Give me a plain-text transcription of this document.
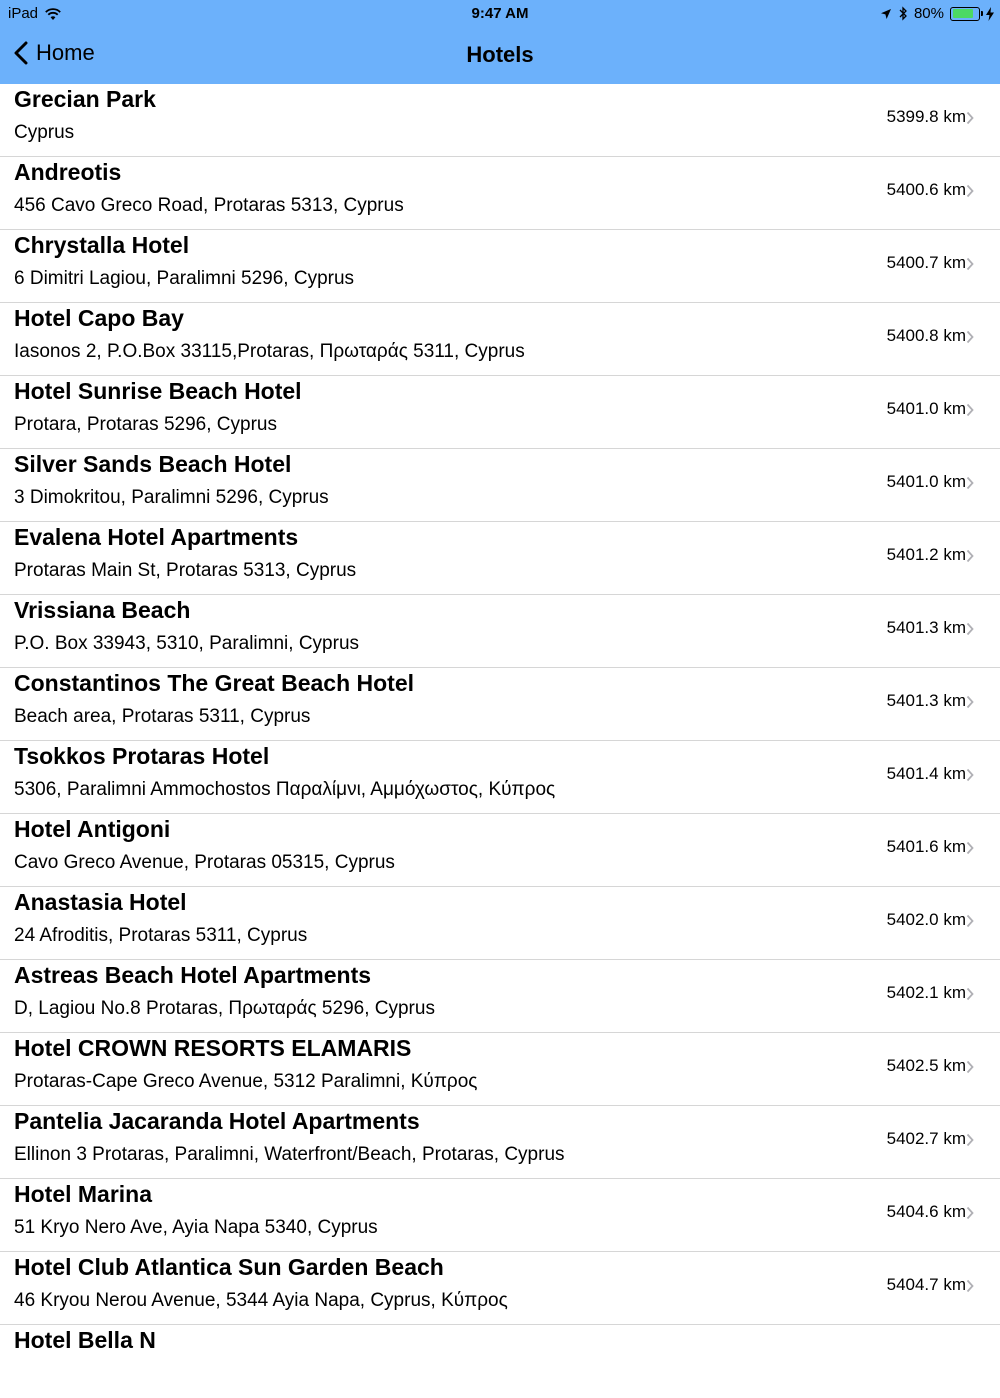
iPad	9:47 AM	80%
Home	Hotels
Grecian Park
Cyprus
5399.8 km
Andreotis
456 Cavo Greco Road, Protaras 5313, Cyprus
5400.6 km
Chrystalla Hotel
6 Dimitri Lagiou, Paralimni 5296, Cyprus
5400.7 km
Hotel Capo Bay
Iasonos 2, P.O.Box 33115,Protaras, Πρωταράς 5311, Cyprus
5400.8 km
Hotel Sunrise Beach Hotel
Protara, Protaras 5296, Cyprus
5401.0 km
Silver Sands Beach Hotel
3 Dimokritou, Paralimni 5296, Cyprus
5401.0 km
Evalena Hotel Apartments
Protaras Main St, Protaras 5313, Cyprus
5401.2 km
Vrissiana Beach
P.O. Box 33943, 5310, Paralimni, Cyprus
5401.3 km
Constantinos The Great Beach Hotel
Beach area, Protaras 5311, Cyprus
5401.3 km
Tsokkos Protaras Hotel
5306, Paralimni Ammochostos Παραλίμνι, Αμμόχωστος, Κύπρος
5401.4 km
Hotel Antigoni
Cavo Greco Avenue, Protaras 05315, Cyprus
5401.6 km
Anastasia Hotel
24 Afroditis, Protaras 5311, Cyprus
5402.0 km
Astreas Beach Hotel Apartments
D, Lagiou No.8 Protaras, Πρωταράς 5296, Cyprus
5402.1 km
Hotel CROWN RESORTS ELAMARIS
Protaras-Cape Greco Avenue, 5312 Paralimni, Κύπρος
5402.5 km
Pantelia Jacaranda Hotel Apartments
Ellinon 3 Protaras, Paralimni, Waterfront/Beach, Protaras, Cyprus
5402.7 km
Hotel Marina
51 Kryo Nero Ave, Ayia Napa 5340, Cyprus
5404.6 km
Hotel Club Atlantica Sun Garden Beach
46 Kryou Nerou Avenue, 5344 Ayia Napa, Cyprus, Κύπρος
5404.7 km
Hotel Bella N
